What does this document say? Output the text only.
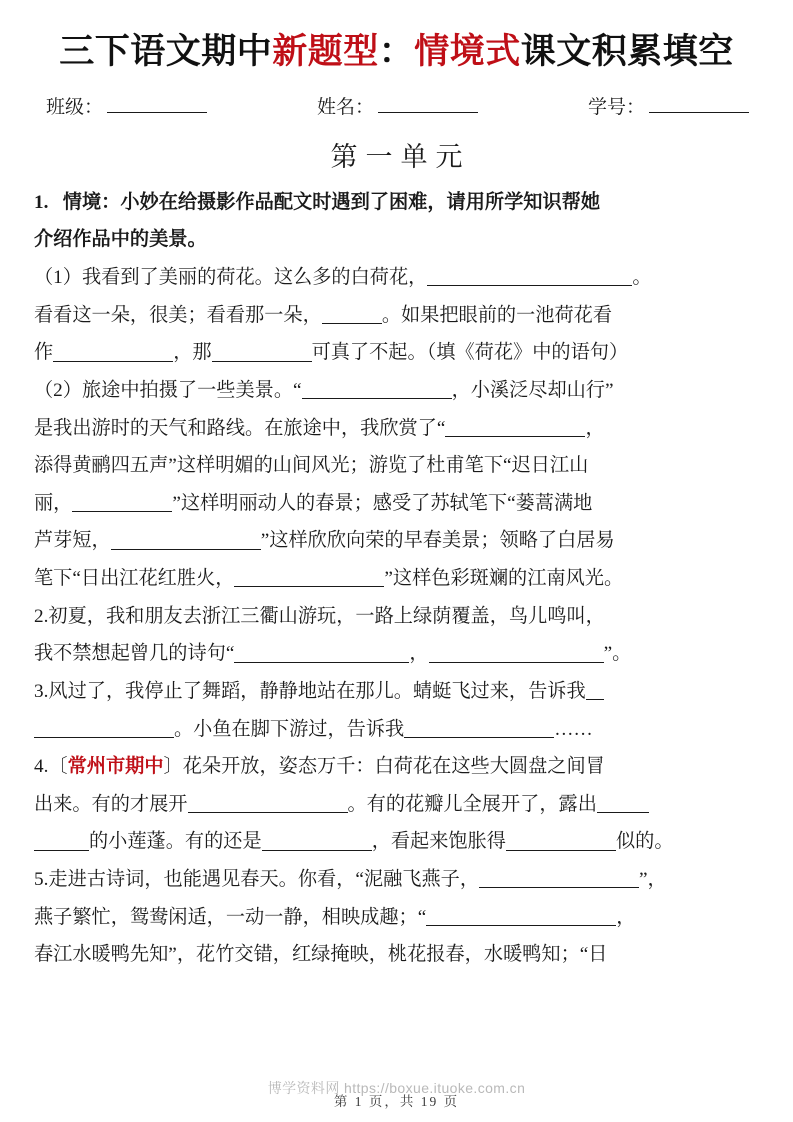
三下语文期中新题型：情境式课文积累填空
班级：	姓名：	学号：
第一单元
1. 情境：小妙在给摄影作品配文时遇到了困难，请用所学知识帮她
介绍作品中的美景。
（1）我看到了美丽的荷花。这么多的白荷花，	。
看看这一朵，很美；看看那一朵，	。如果把眼前的一池荷花看
作	，那	可真了不起。（填《荷花》中的语句）
（2）旅途中拍摄了一些美景。“	，小溪泛尽却山行”
是我出游时的天气和路线。在旅途中，我欣赏了“	，
添得黄鹂四五声”这样明媚的山间风光；游览了杜甫笔下“迟日江山
丽，	”这样明丽动人的春景；感受了苏轼笔下“蒌蒿满地
芦芽短，	”这样欣欣向荣的早春美景；领略了白居易
笔下“日出江花红胜火，	”这样色彩斑斓的江南风光。
2.初夏，我和朋友去浙江三衢山游玩，一路上绿荫覆盖，鸟儿鸣叫，
我不禁想起曾几的诗句“	，	”。
3.风过了，我停止了舞蹈，静静地站在那儿。蜻蜓飞过来，告诉我
。小鱼在脚下游过，告诉我	……
4.〔常州市期中〕花朵开放，姿态万千：白荷花在这些大圆盘之间冒
出来。有的才展开	。有的花瓣儿全展开了，露出
的小莲蓬。有的还是	，看起来饱胀得	似的。
5.走进古诗词，也能遇见春天。你看，“泥融飞燕子，	”，
燕子繁忙，鸳鸯闲适，一动一静，相映成趣；“	，
春江水暖鸭先知”，花竹交错，红绿掩映，桃花报春，水暖鸭知；“日
博学资料网 https://boxue.ituoke.com.cn
第 1 页，共 19 页
